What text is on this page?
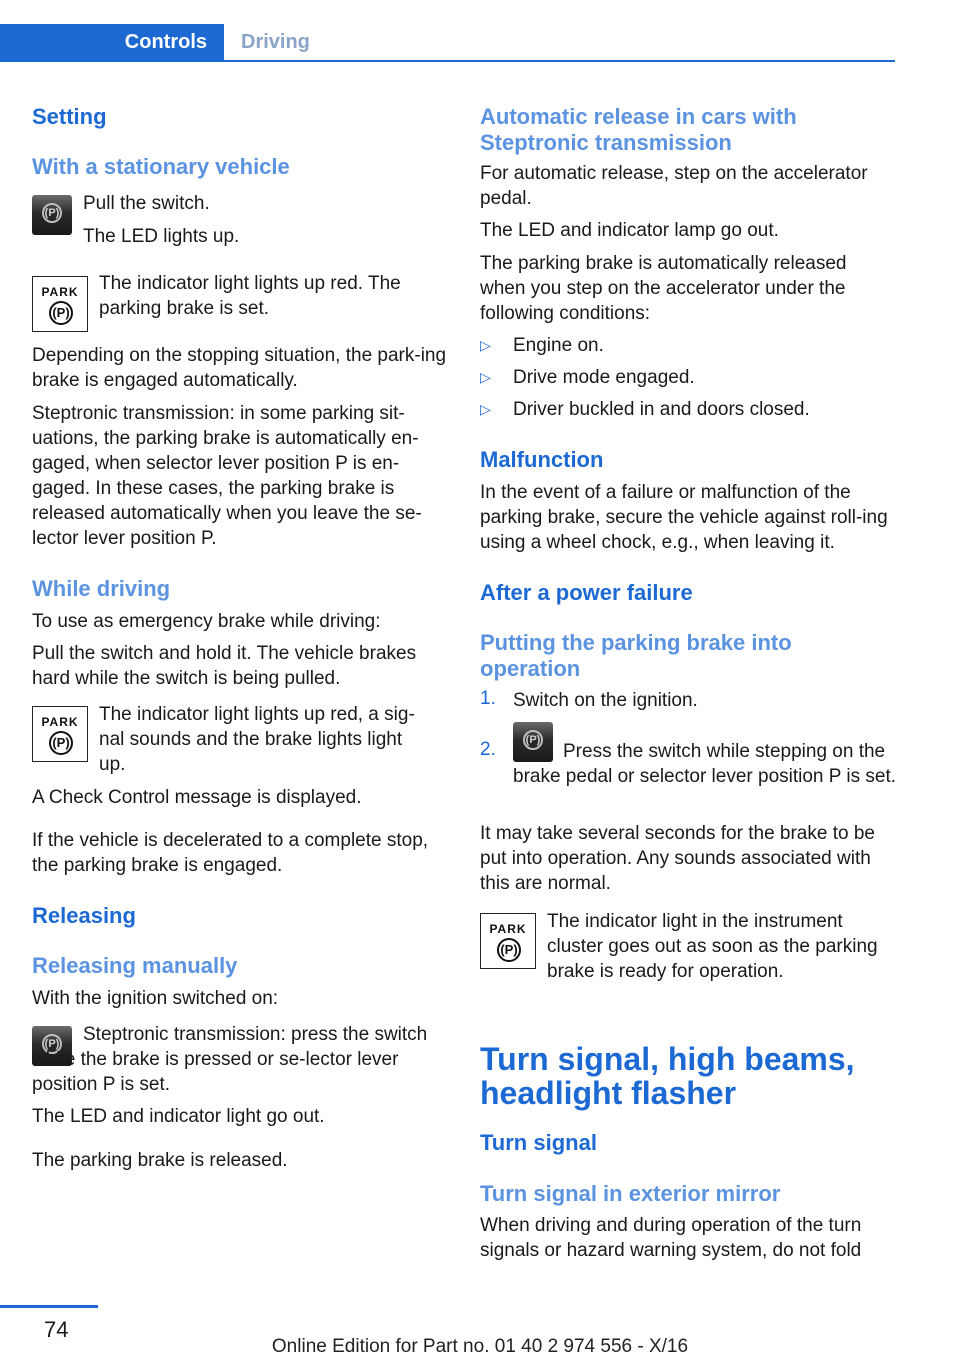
Controls	Driving
Setting
With a stationary vehicle
(P) Pull the switch.
The LED lights up.
PARK
(P)
The indicator light lights up red. The parking brake is set.
Depending on the stopping situation, the park‐ing brake is engaged automatically.
Steptronic transmission: in some parking sit‐uations, the parking brake is automatically en‐gaged, when selector lever position P is en‐gaged. In these cases, the parking brake is released automatically when you leave the se‐lector lever position P.
While driving
To use as emergency brake while driving:
Pull the switch and hold it. The vehicle brakes hard while the switch is being pulled.
PARK
(P)
The indicator light lights up red, a sig‐nal sounds and the brake lights light up.
A Check Control message is displayed.
If the vehicle is decelerated to a complete stop, the parking brake is engaged.
Releasing
Releasing manually
With the ignition switched on:
(P)	Steptronic transmission: press the switch while the brake is pressed or se‐lector lever position P is set.
The LED and indicator light go out.
The parking brake is released.
Automatic release in cars with Steptronic transmission
For automatic release, step on the accelerator pedal.
The LED and indicator lamp go out.
The parking brake is automatically released when you step on the accelerator under the following conditions:
▷ Engine on.
▷ Drive mode engaged.
▷ Driver buckled in and doors closed.
Malfunction
In the event of a failure or malfunction of the parking brake, secure the vehicle against roll‐ing using a wheel chock, e.g., when leaving it.
After a power failure
Putting the parking brake into operation
1. Switch on the ignition.
2.	(P)
Press the switch while stepping on the brake pedal or selector lever position P is set.
It may take several seconds for the brake to be put into operation. Any sounds associated with this are normal.
PARK
(P)
The indicator light in the instrument cluster goes out as soon as the parking brake is ready for operation.
Turn signal, high beams, headlight flasher
Turn signal
Turn signal in exterior mirror
When driving and during operation of the turn signals or hazard warning system, do not fold
74
Online Edition for Part no. 01 40 2 974 556 - X/16
